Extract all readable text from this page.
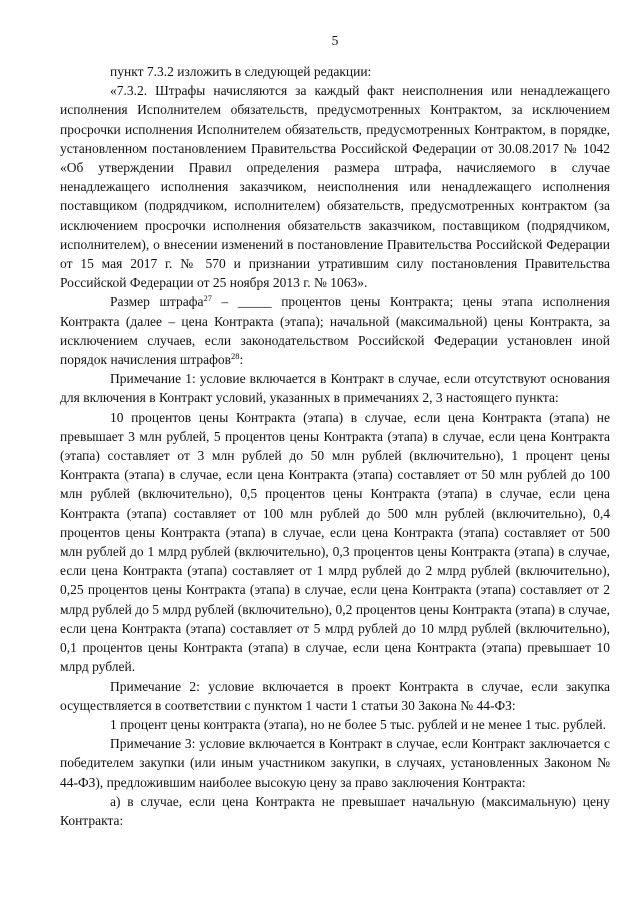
5

пункт 7.3.2 изложить в следующей редакции:

«7.3.2. Штрафы начисляются за каждый факт неисполнения или ненадлежащего исполнения Исполнителем обязательств, предусмотренных Контрактом, за исключением просрочки исполнения Исполнителем обязательств, предусмотренных Контрактом, в порядке, установленном постановлением Правительства Российской Федерации от 30.08.2017 № 1042 «Об утверждении Правил определения размера штрафа, начисляемого в случае ненадлежащего исполнения заказчиком, неисполнения или ненадлежащего исполнения поставщиком (подрядчиком, исполнителем) обязательств, предусмотренных контрактом (за исключением просрочки исполнения обязательств заказчиком, поставщиком (подрядчиком, исполнителем), о внесении изменений в постановление Правительства Российской Федерации от 15 мая 2017 г. № 570 и признании утратившим силу постановления Правительства Российской Федерации от 25 ноября 2013 г. № 1063».

Размер штрафа$^{27}$ – _____ процентов цены Контракта; цены этапа исполнения Контракта (далее – цена Контракта (этапа); начальной (максимальной) цены Контракта, за исключением случаев, если законодательством Российской Федерации установлен иной порядок начисления штрафов$^{28}$:

Примечание 1: условие включается в Контракт в случае, если отсутствуют основания для включения в Контракт условий, указанных в примечаниях 2, 3 настоящего пункта:

10 процентов цены Контракта (этапа) в случае, если цена Контракта (этапа) не превышает 3 млн рублей, 5 процентов цены Контракта (этапа) в случае, если цена Контракта (этапа) составляет от 3 млн рублей до 50 млн рублей (включительно), 1 процент цены Контракта (этапа) в случае, если цена Контракта (этапа) составляет от 50 млн рублей до 100 млн рублей (включительно), 0,5 процентов цены Контракта (этапа) в случае, если цена Контракта (этапа) составляет от 100 млн рублей до 500 млн рублей (включительно), 0,4 процентов цены Контракта (этапа) в случае, если цена Контракта (этапа) составляет от 500 млн рублей до 1 млрд рублей (включительно), 0,3 процентов цены Контракта (этапа) в случае, если цена Контракта (этапа) составляет от 1 млрд рублей до 2 млрд рублей (включительно), 0,25 процентов цены Контракта (этапа) в случае, если цена Контракта (этапа) составляет от 2 млрд рублей до 5 млрд рублей (включительно), 0,2 процентов цены Контракта (этапа) в случае, если цена Контракта (этапа) составляет от 5 млрд рублей до 10 млрд рублей (включительно), 0,1 процентов цены Контракта (этапа) в случае, если цена Контракта (этапа) превышает 10 млрд рублей.

Примечание 2: условие включается в проект Контракта в случае, если закупка осуществляется в соответствии с пунктом 1 части 1 статьи 30 Закона № 44-ФЗ:

1 процент цены контракта (этапа), но не более 5 тыс. рублей и не менее 1 тыс. рублей.

Примечание 3: условие включается в Контракт в случае, если Контракт заключается с победителем закупки (или иным участником закупки, в случаях, установленных Законом № 44-ФЗ), предложившим наиболее высокую цену за право заключения Контракта:

а) в случае, если цена Контракта не превышает начальную (максимальную) цену Контракта:
